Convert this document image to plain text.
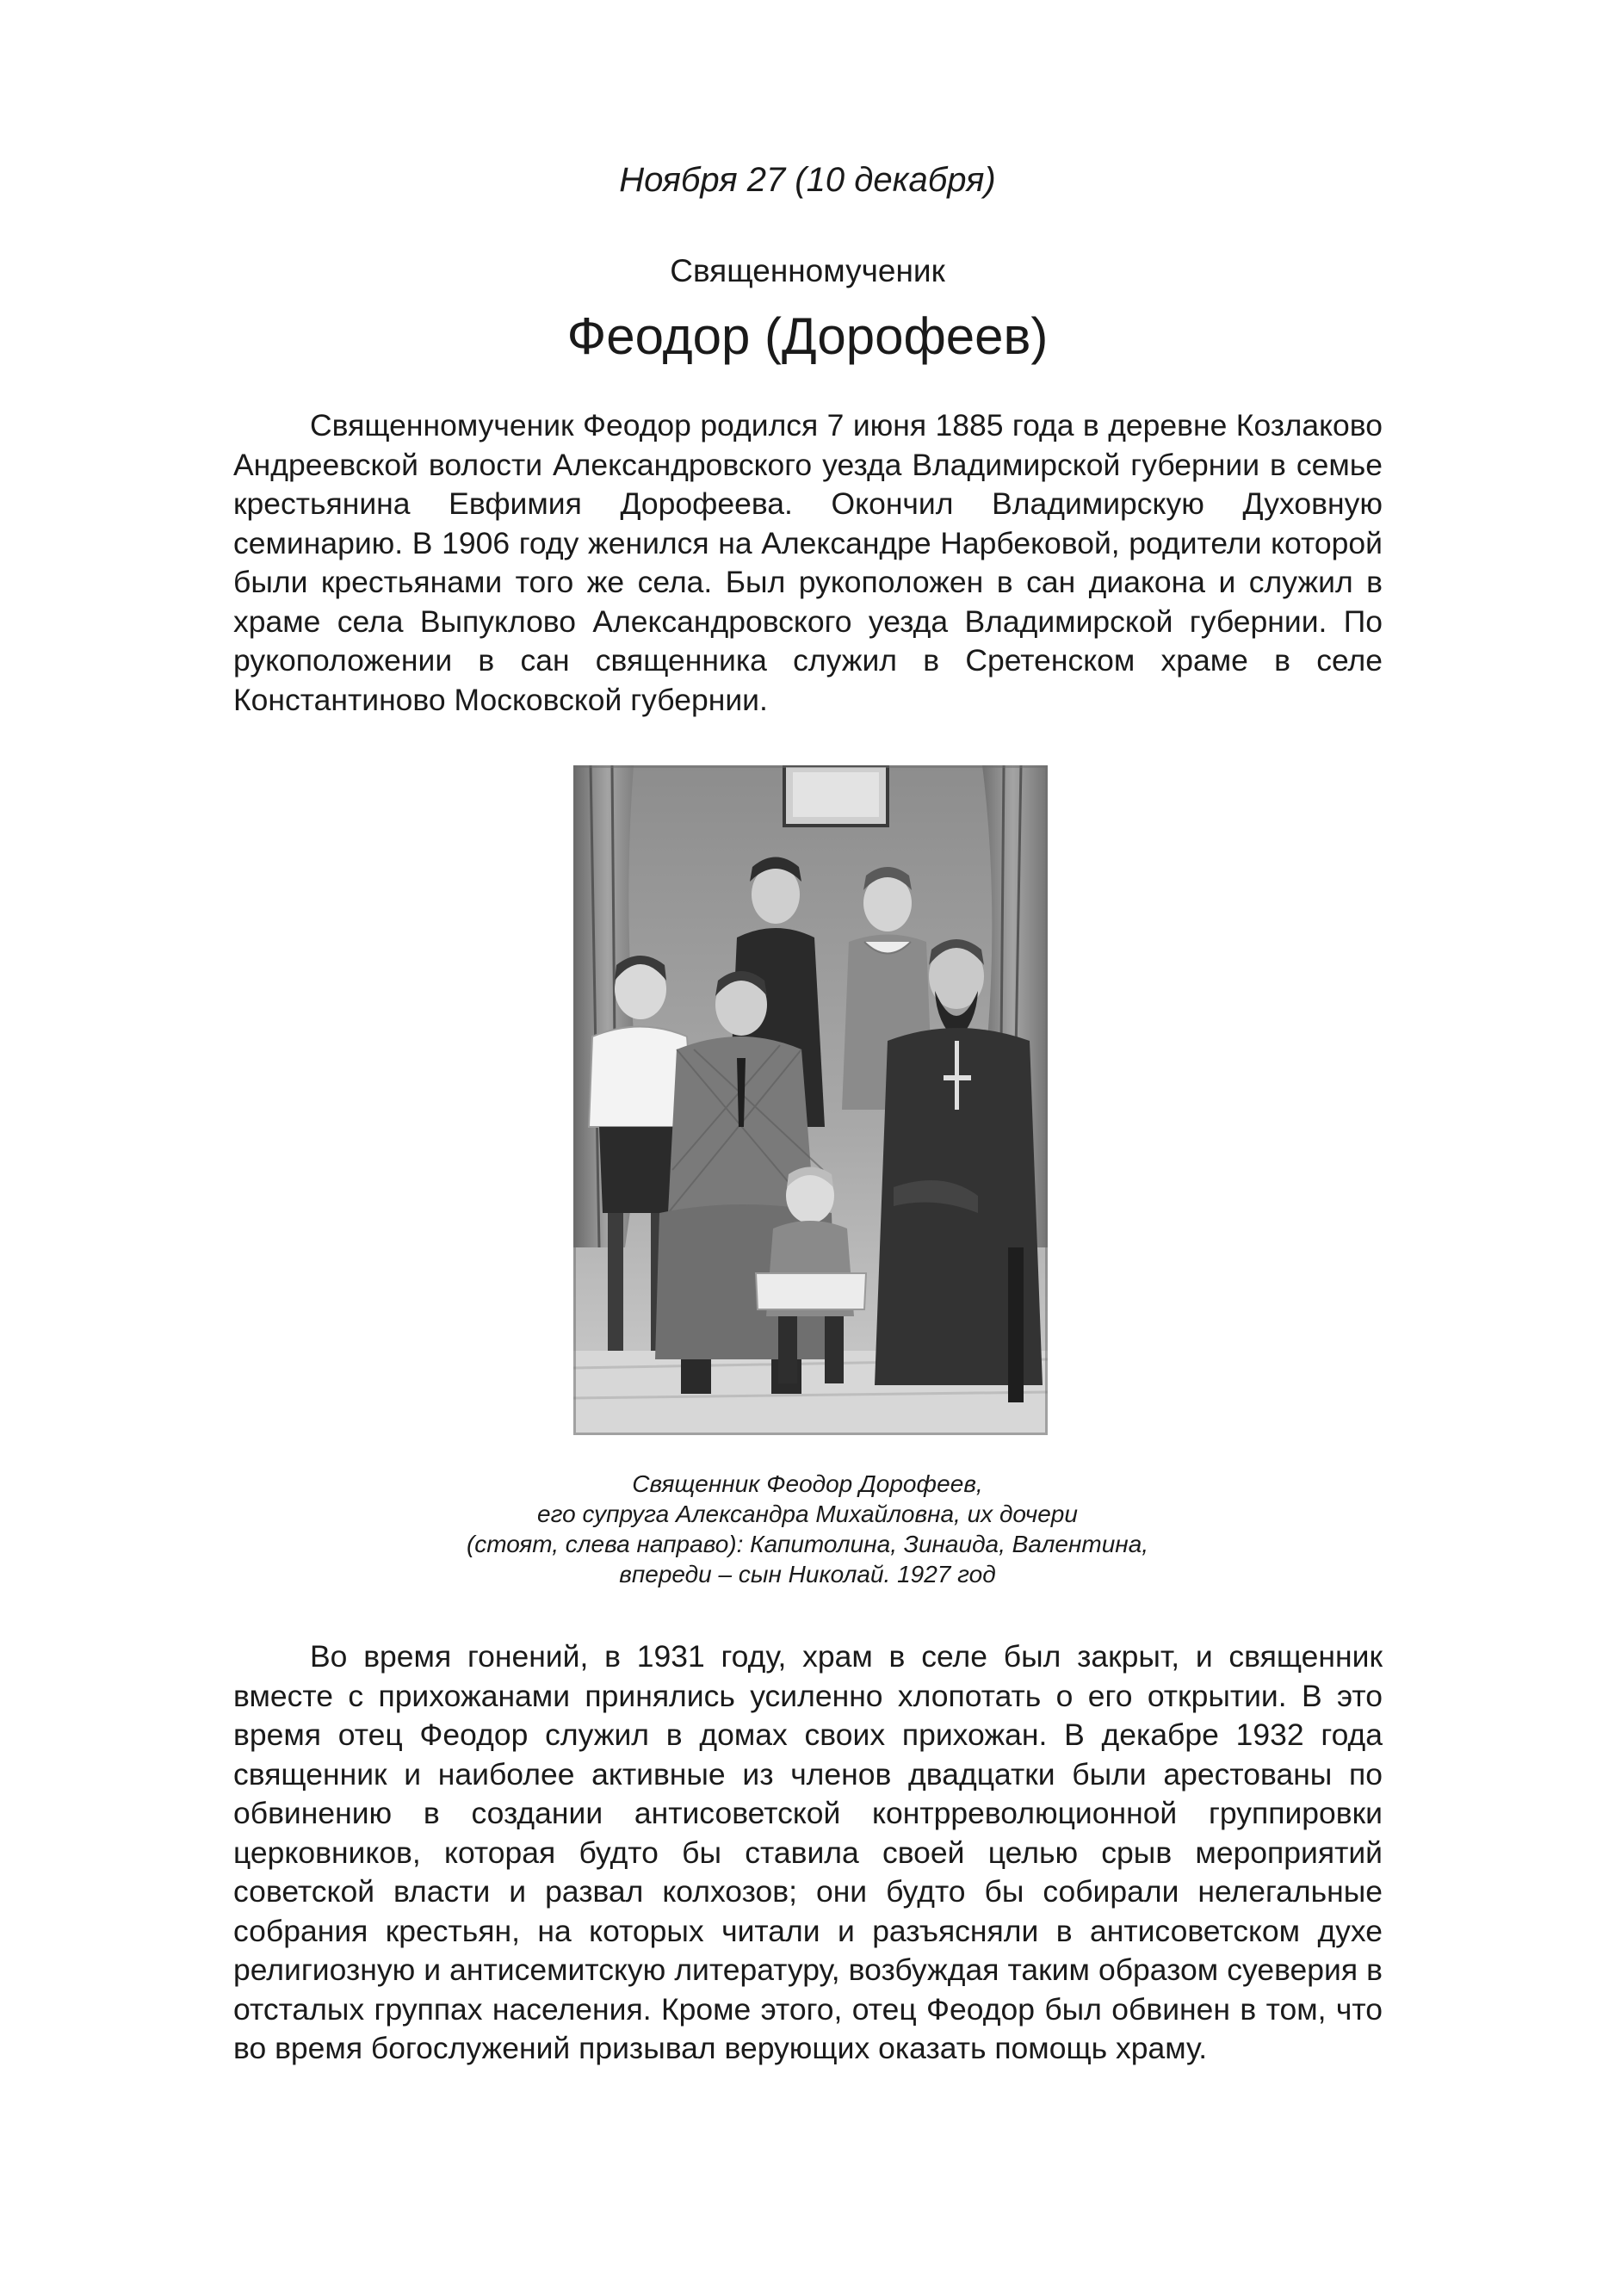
Ноября 27 (10 декабря)
Священномученик
Феодор (Дорофеев)

Священномученик Феодор родился 7 июня 1885 года в деревне Козлаково Андреевской волости Александровского уезда Владимирской губернии в семье крестьянина Евфимия Дорофеева. Окончил Владимирскую Духовную семинарию. В 1906 году женился на Александре Нарбековой, родители которой были крестьянами того же села. Был рукоположен в сан диакона и служил в храме села Выпуклово Александровского уезда Владимирской губернии. По рукоположении в сан священника служил в Сретенском храме в селе Константиново Московской губернии.

Священник Феодор Дорофеев,
его супруга Александра Михайловна, их дочери
(стоят, слева направо): Капитолина, Зинаида, Валентина,
впереди – сын Николай. 1927 год

Во время гонений, в 1931 году, храм в селе был закрыт, и священник вместе с прихожанами принялись усиленно хлопотать о его открытии. В это время отец Феодор служил в домах своих прихожан. В декабре 1932 года священник и наиболее активные из членов двадцатки были арестованы по обвинению в создании антисоветской контрреволюционной группировки церковников, которая будто бы ставила своей целью срыв мероприятий советской власти и развал колхозов; они будто бы собирали нелегальные собрания крестьян, на которых читали и разъясняли в антисоветском духе религиозную и антисемитскую литературу, возбуждая таким образом суеверия в отсталых группах населения. Кроме этого, отец Феодор был обвинен в том, что во время богослужений призывал верующих оказать помощь храму.
